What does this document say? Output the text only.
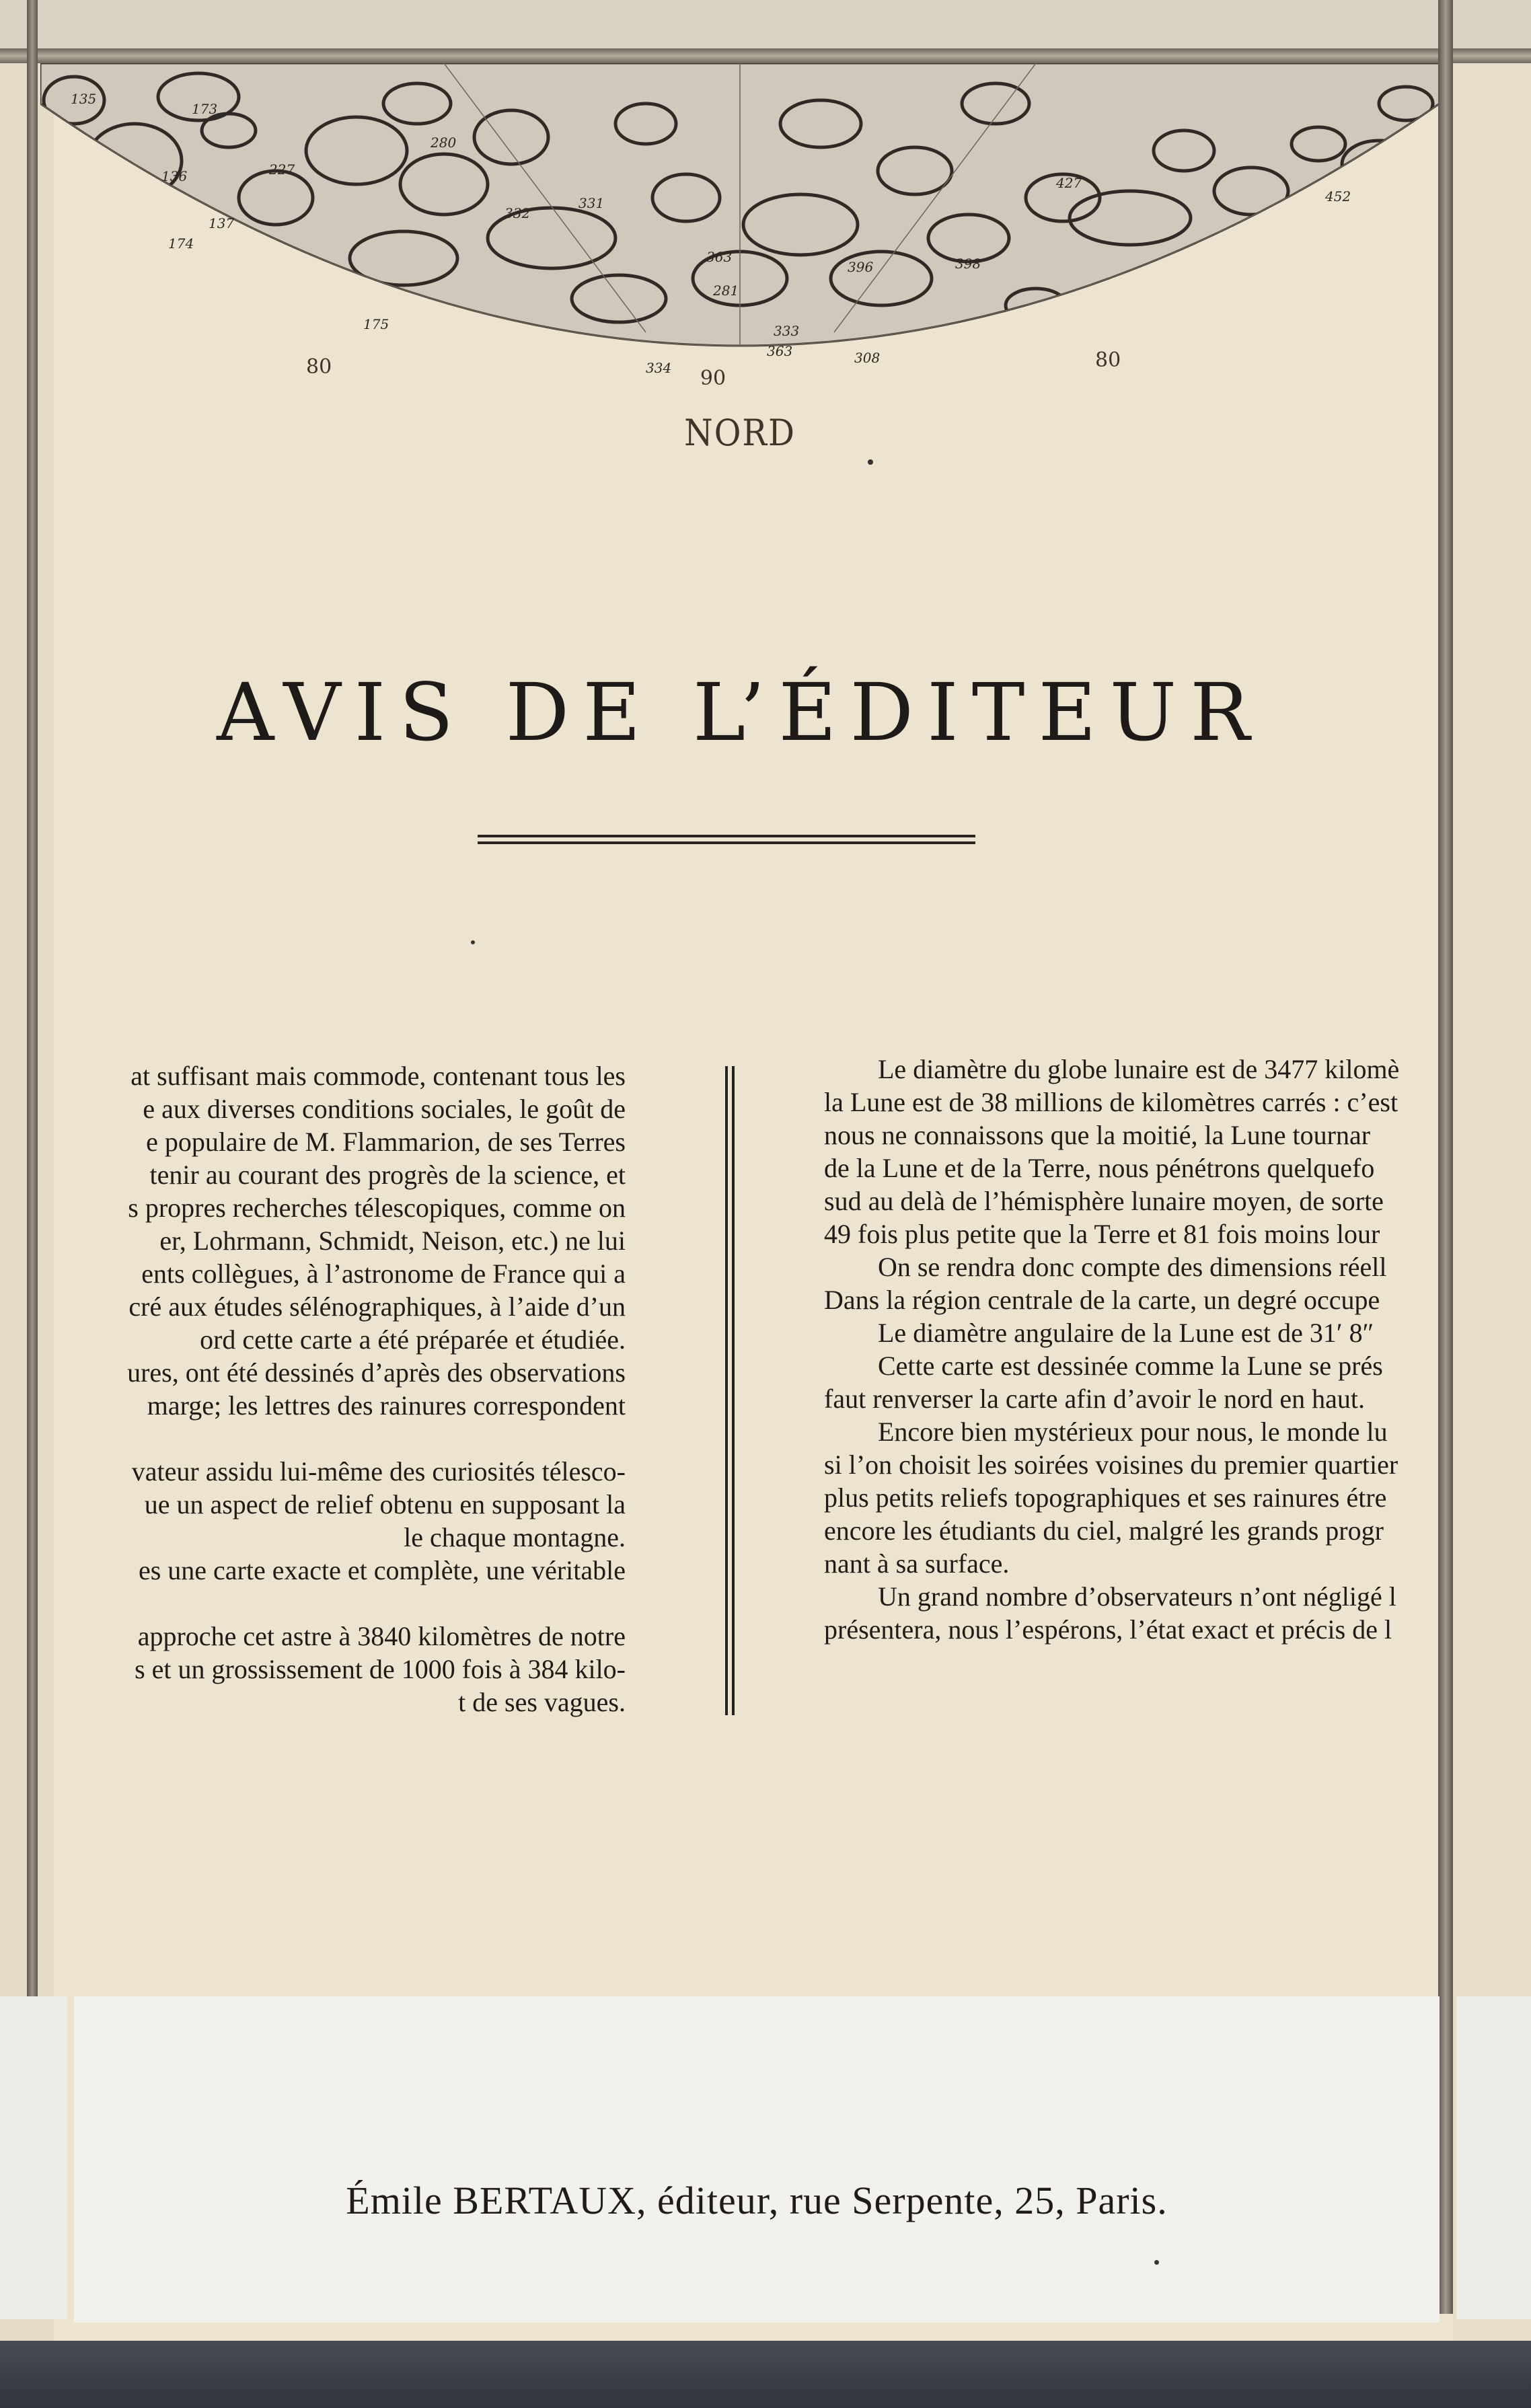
90
80	80
NORD
135
173
136
137
174
227
280
331
332
281
333
363
396
427
452
334
308
175
363	398
AVIS DE L’ÉDITEUR

at suffisant mais commode, contenant tous les

e aux diverses conditions sociales, le goût de

e populaire de M. Flammarion, de ses Terres

tenir au courant des progrès de la science, et

s propres recherches télescopiques, comme on

er, Lohrmann, Schmidt, Neison, etc.) ne lui

ents collègues, à l’astronome de France qui a

cré aux études sélénographiques, à l’aide d’un

ord cette carte a été préparée et étudiée.

ures, ont été dessinés d’après des observations

marge; les lettres des rainures correspondent

vateur assidu lui-même des curiosités télesco-

ue un aspect de relief obtenu en supposant la

le chaque montagne.

es une carte exacte et complète, une véritable

approche cet astre à 3840 kilomètres de notre

s et un grossissement de 1000 fois à 384 kilo-

t de ses vagues.

Le diamètre du globe lunaire est de 3477 kilomè

la Lune est de 38 millions de kilomètres carrés : c’est

nous ne connaissons que la moitié, la Lune tournar

de la Lune et de la Terre, nous pénétrons quelquefo

sud au delà de l’hémisphère lunaire moyen, de sorte

49 fois plus petite que la Terre et 81 fois moins lour

On se rendra donc compte des dimensions réell

Dans la région centrale de la carte, un degré occupe

Le diamètre angulaire de la Lune est de 31′ 8″

Cette carte est dessinée comme la Lune se prés

faut renverser la carte afin d’avoir le nord en haut.

Encore bien mystérieux pour nous, le monde lu

si l’on choisit les soirées voisines du premier quartier

plus petits reliefs topographiques et ses rainures étre

encore les étudiants du ciel, malgré les grands progr

nant à sa surface.

Un grand nombre d’observateurs n’ont négligé l

présentera, nous l’espérons, l’état exact et précis de l

Émile BERTAUX, éditeur, rue Serpente, 25, Paris.
